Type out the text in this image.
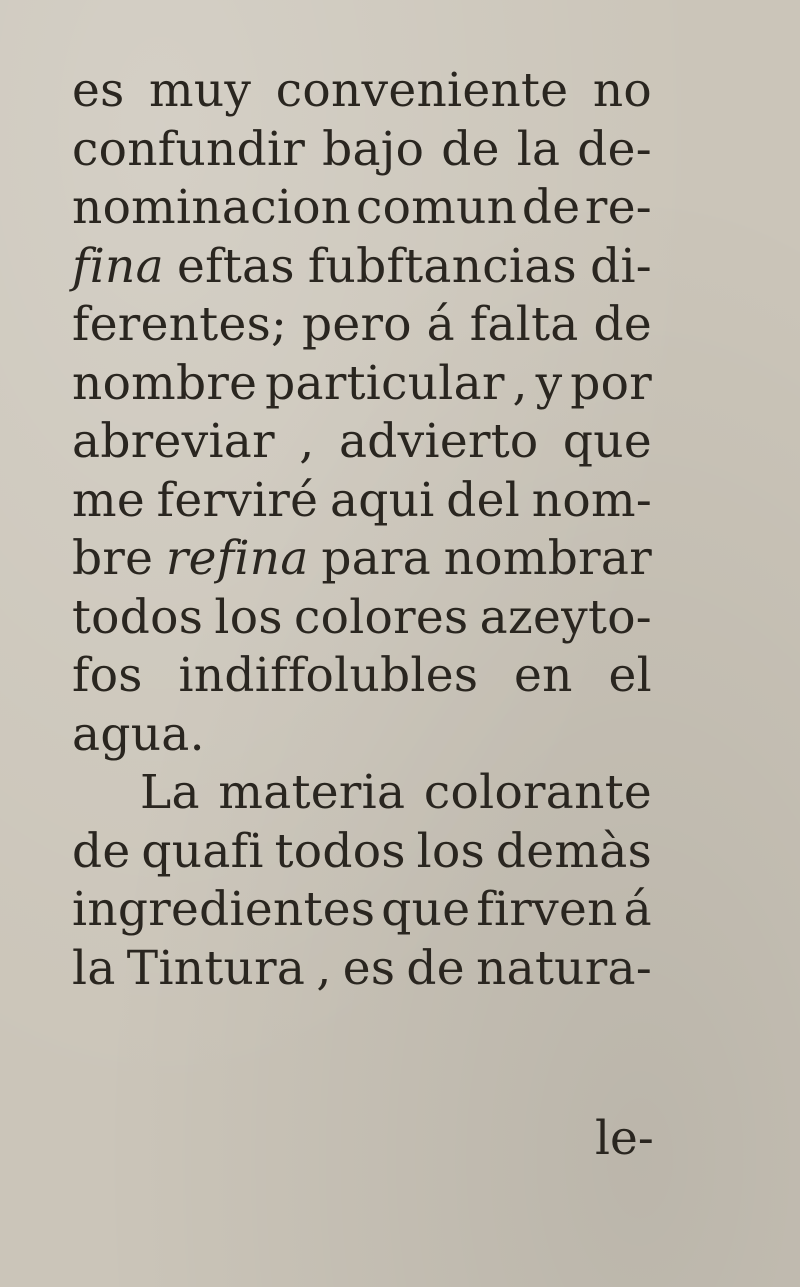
es muy conveniente no
confundir bajo de la de-
nominacion comun de re-
fina eftas fubftancias di-
ferentes; pero á falta de
nombre particular , y por
abreviar , advierto que
me ferviré aqui del nom-
bre refina para nombrar
todos los colores azeyto-
fos indiffolubles en el
agua.
La materia colorante
de quafi todos los demàs
ingredientes que firven á
la Tintura , es de natura-
le-
